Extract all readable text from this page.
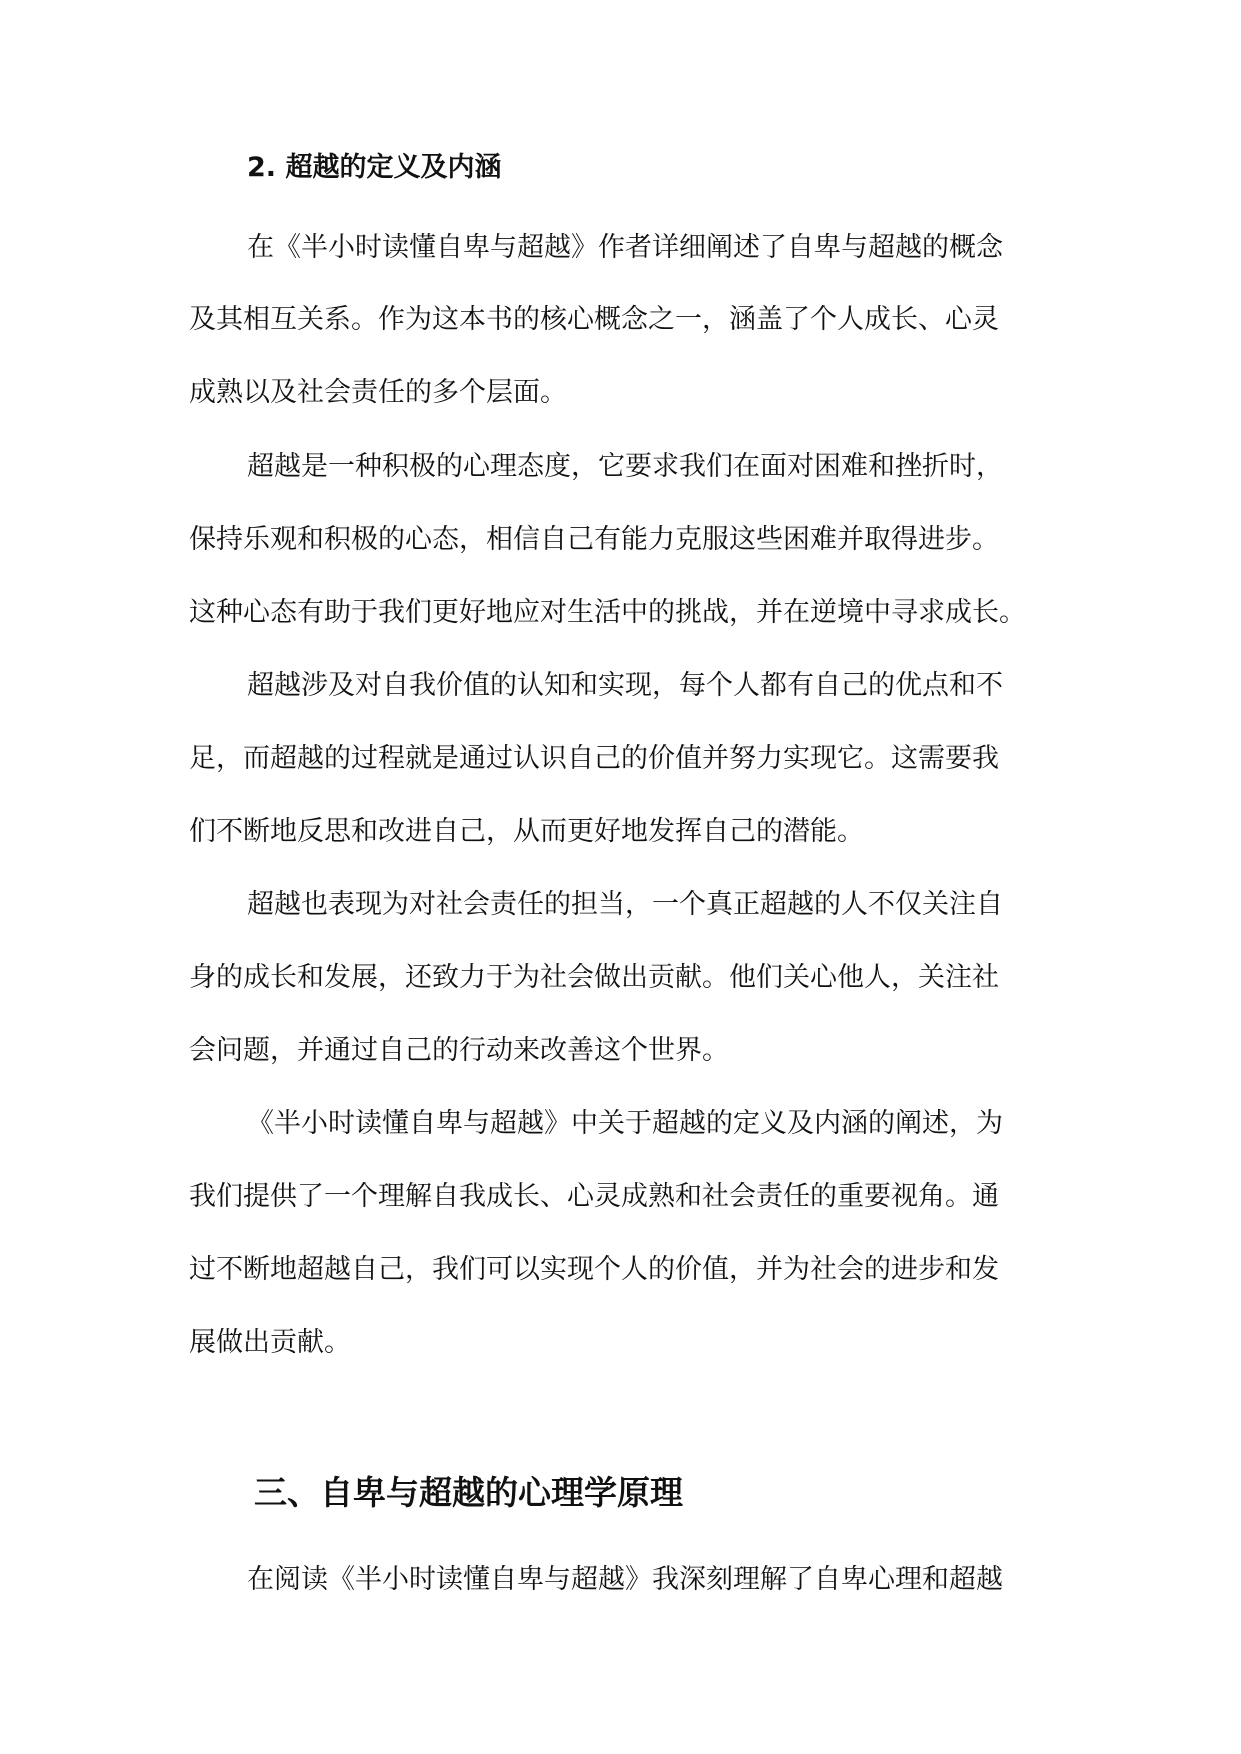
2. 超越的定义及内涵
在《半小时读懂自卑与超越》作者详细阐述了自卑与超越的概念
及其相互关系。作为这本书的核心概念之一，涵盖了个人成长、心灵
成熟以及社会责任的多个层面。
超越是一种积极的心理态度，它要求我们在面对困难和挫折时，
保持乐观和积极的心态，相信自己有能力克服这些困难并取得进步。
这种心态有助于我们更好地应对生活中的挑战，并在逆境中寻求成长。
超越涉及对自我价值的认知和实现，每个人都有自己的优点和不
足，而超越的过程就是通过认识自己的价值并努力实现它。这需要我
们不断地反思和改进自己，从而更好地发挥自己的潜能。
超越也表现为对社会责任的担当，一个真正超越的人不仅关注自
身的成长和发展，还致力于为社会做出贡献。他们关心他人，关注社
会问题，并通过自己的行动来改善这个世界。
《半小时读懂自卑与超越》中关于超越的定义及内涵的阐述，为
我们提供了一个理解自我成长、心灵成熟和社会责任的重要视角。通
过不断地超越自己，我们可以实现个人的价值，并为社会的进步和发
展做出贡献。
三、自卑与超越的心理学原理
在阅读《半小时读懂自卑与超越》我深刻理解了自卑心理和超越
